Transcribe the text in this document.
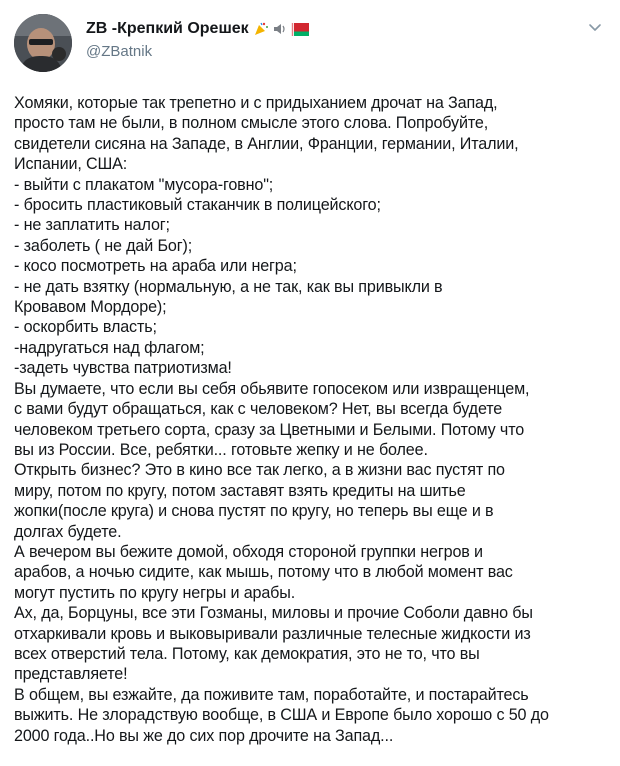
ZB -Крепкий Орешек
@ZBatnik
Хомяки, которые так трепетно и с придыханием дрочат на Запад,
просто там не были, в полном смысле этого слова. Попробуйте,
свидетели сисяна на Западе, в Англии, Франции, германии, Италии,
Испании, США:
- выйти с плакатом "мусора-говно";
- бросить пластиковый стаканчик в полицейского;
- не заплатить налог;
- заболеть ( не дай Бог);
- косо посмотреть на араба или негра;
- не дать взятку (нормальную, а не так, как вы привыкли в
Кровавом Мордоре);
- оскорбить власть;
-надругаться над флагом;
-задеть чувства патриотизма!
Вы думаете, что если вы себя обьявите гопосеком или извращенцем,
с вами будут обращаться, как с человеком? Нет, вы всегда будете
человеком третьего сорта, сразу за Цветными и Белыми. Потому что
вы из России. Все, ребятки... готовьте жепку и не более.
Открыть бизнес? Это в кино все так легко, а в жизни вас пустят по
миру, потом по кругу, потом заставят взять кредиты на шитье
жопки(после круга) и снова пустят по кругу, но теперь вы еще и в
долгах будете.
А вечером вы бежите домой, обходя стороной группки негров и
арабов, а ночью сидите, как мышь, потому что в любой момент вас
могут пустить по кругу негры и арабы.
Ах, да, Борцуны, все эти Гозманы, миловы и прочие Соболи давно бы
отхаркивали кровь и выковыривали различные телесные жидкости из
всех отверстий тела. Потому, как демократия, это не то, что вы
представляете!
В общем, вы езжайте, да поживите там, поработайте, и постарайтесь
выжить. Не злорадствую вообще, в США и Европе было хорошо с 50 до
2000 года..Но вы же до сих пор дрочите на Запад...
